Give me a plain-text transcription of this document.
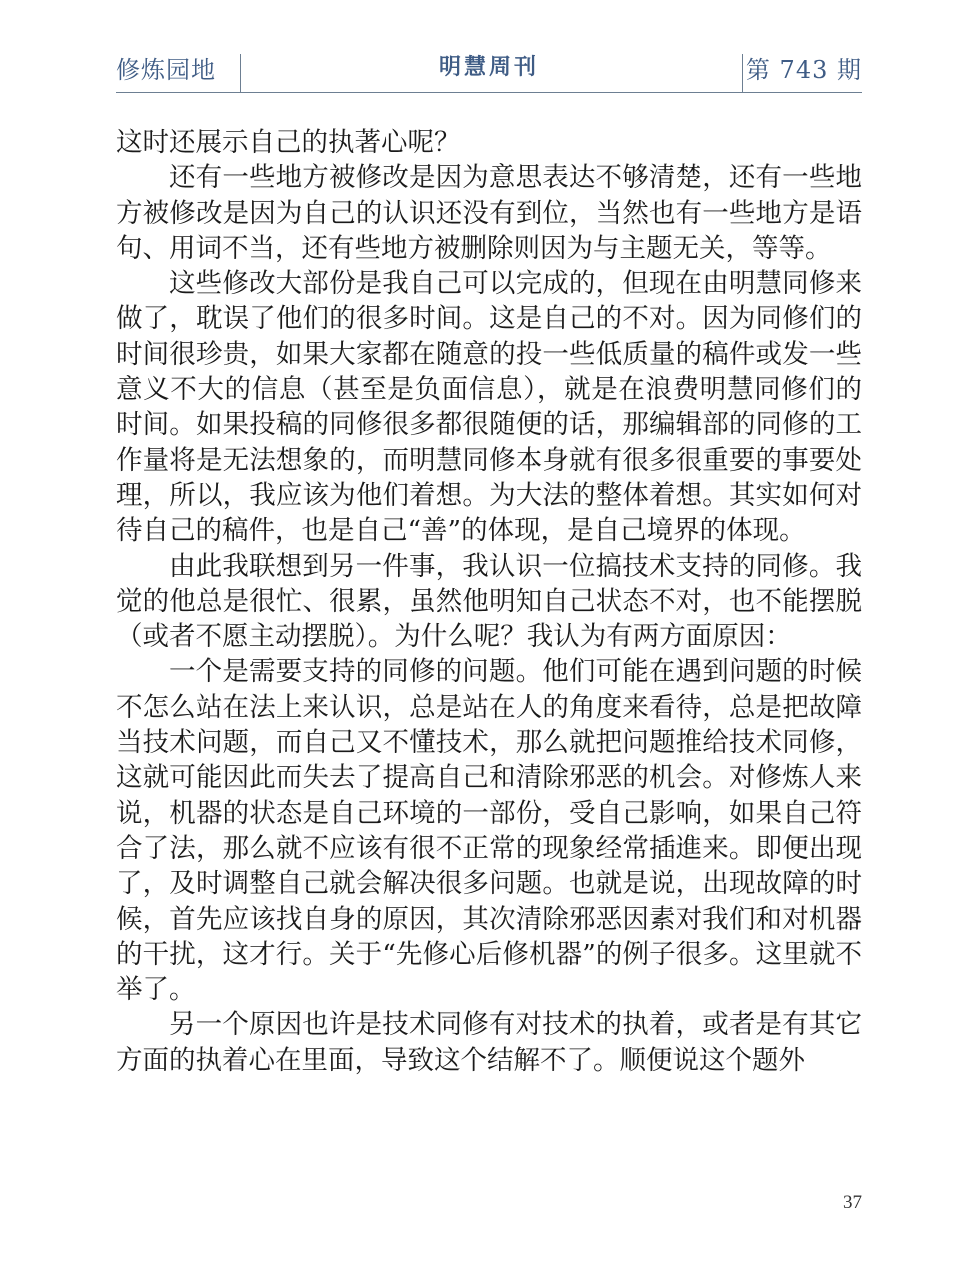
修炼园地	明慧周刊	第 743 期

这时还展示自己的执著心呢？

还有一些地方被修改是因为意思表达不够清楚，还有一些地方被修改是因为自己的认识还没有到位，当然也有一些地方是语句、用词不当，还有些地方被删除则因为与主题无关，等等。

这些修改大部份是我自己可以完成的，但现在由明慧同修来做了，耽误了他们的很多时间。这是自己的不对。因为同修们的时间很珍贵，如果大家都在随意的投一些低质量的稿件或发一些意义不大的信息（甚至是负面信息），就是在浪费明慧同修们的时间。如果投稿的同修很多都很随便的话，那编辑部的同修的工作量将是无法想象的，而明慧同修本身就有很多很重要的事要处理，所以，我应该为他们着想。为大法的整体着想。其实如何对待自己的稿件，也是自己“善”的体现，是自己境界的体现。

由此我联想到另一件事，我认识一位搞技术支持的同修。我觉的他总是很忙、很累，虽然他明知自己状态不对，也不能摆脱（或者不愿主动摆脱）。为什么呢？我认为有两方面原因：

一个是需要支持的同修的问题。他们可能在遇到问题的时候不怎么站在法上来认识，总是站在人的角度来看待，总是把故障当技术问题，而自己又不懂技术，那么就把问题推给技术同修，这就可能因此而失去了提高自己和清除邪恶的机会。对修炼人来说，机器的状态是自己环境的一部份，受自己影响，如果自己符合了法，那么就不应该有很不正常的现象经常插進来。即便出现了，及时调整自己就会解决很多问题。也就是说，出现故障的时候，首先应该找自身的原因，其次清除邪恶因素对我们和对机器的干扰，这才行。关于“先修心后修机器”的例子很多。这里就不举了。

另一个原因也许是技术同修有对技术的执着，或者是有其它方面的执着心在里面，导致这个结解不了。顺便说这个题外

37
